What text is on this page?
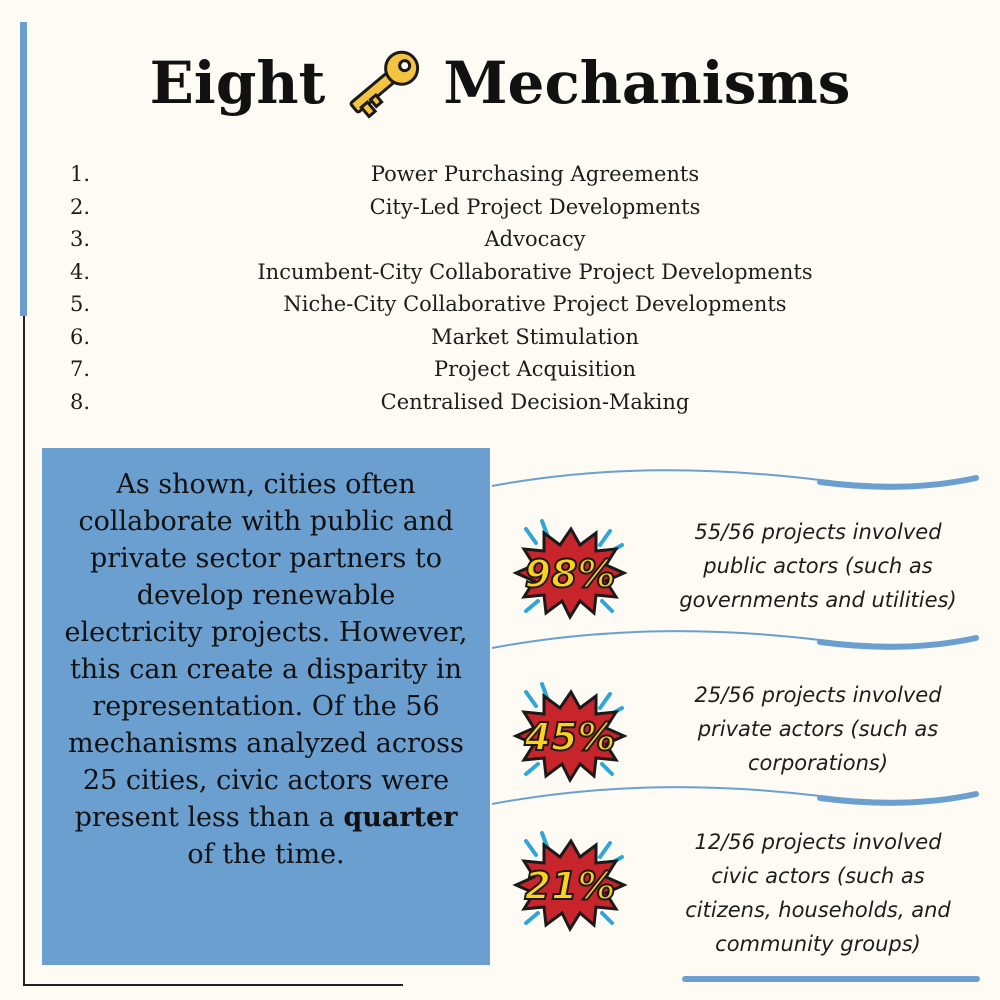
Eight Mechanisms
1.	Power Purchasing Agreements
2.	City-Led Project Developments
3.	Advocacy
4.	Incumbent-City Collaborative Project Developments
5.	Niche-City Collaborative Project Developments
6.	Market Stimulation
7.	Project Acquisition
8.	Centralised Decision-Making
As shown, cities often collaborate with public and private sector partners to develop renewable electricity projects. However, this can create a disparity in representation. Of the 56 mechanisms analyzed across 25 cities, civic actors were present less than a quarter of the time.
98%
55/56 projects involved
public actors (such as
governments and utilities)
45%
25/56 projects involved
private actors (such as
corporations)
21%
12/56 projects involved
civic actors (such as
citizens, households, and
community groups)
